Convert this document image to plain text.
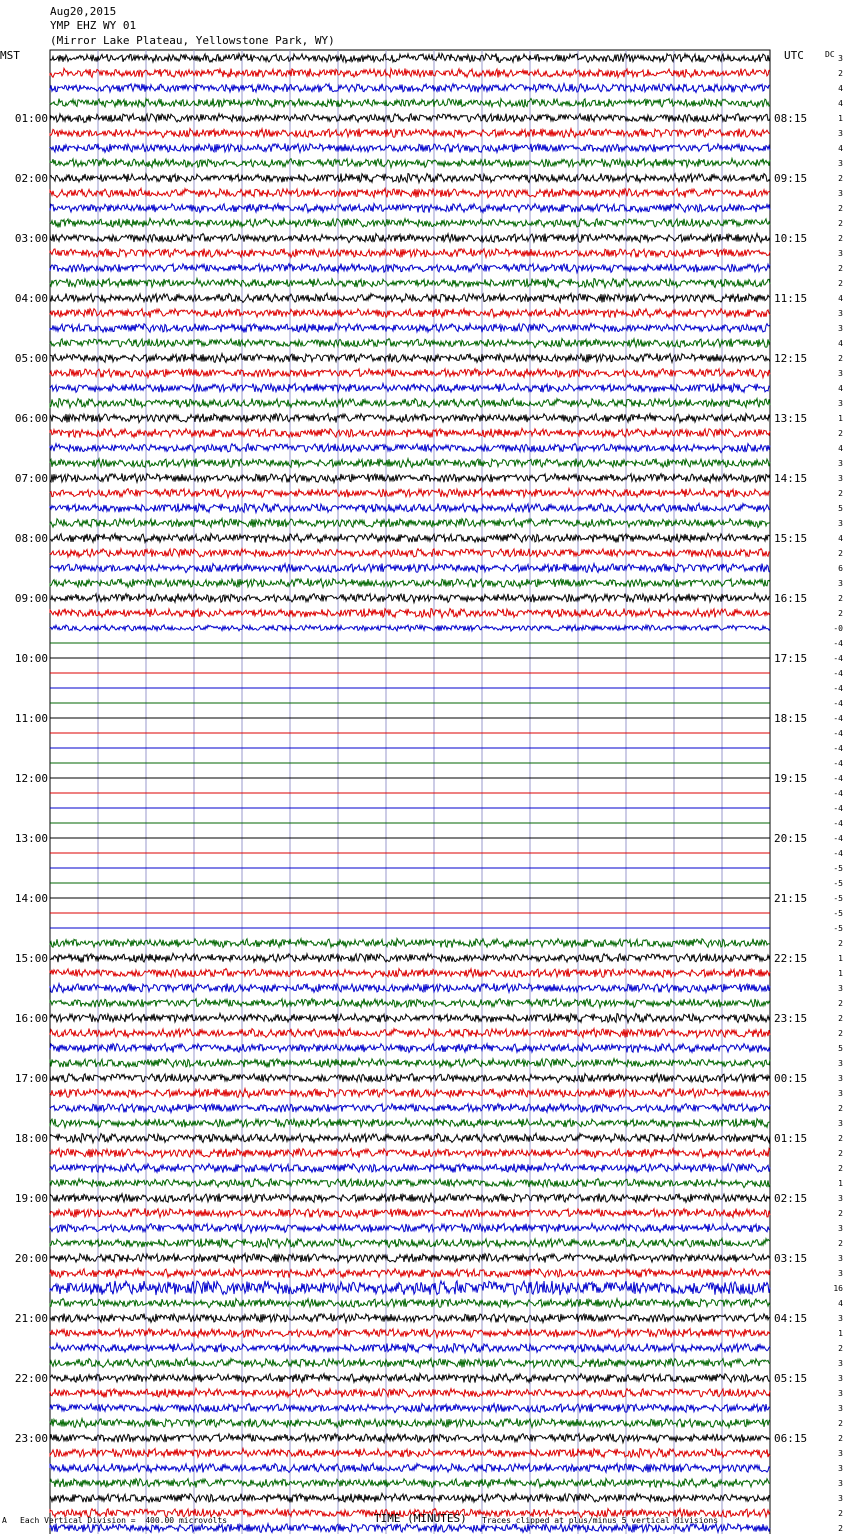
Aug20,2015
YMP EHZ WY 01
(Mirror Lake Plateau, Yellowstone Park, WY)
MST	UTC	DC 3
2
4
4
1
3
4
3
2
3
2
2
2
3
2
2
4
3
3
4
2
3
4
3
1
2
4
3
3
2
5
3
4
2
6
3
2
2
-0
-4
-4
-4
-4
-4
-4
-4
-4
-4
-4
-4
-4
-4
-4
-4
-5
-5
-5
-5
-5
2
1
1
3
2
2
2
5
3
3
3
2
3
2
2
2
1
3
2
3
2
3
3
16
4
3
1
2
3
3
3
3
2
2
3
3
3
3
2
2
01:00
02:00
03:00
04:00
05:00
06:00
07:00
08:00
09:00
10:00
11:00
12:00
13:00
14:00
15:00
16:00
17:00
18:00
19:00
20:00
21:00
22:00
23:00
08:15
09:15
10:15
11:15
12:15
13:15
14:15
15:15
16:15
17:15
18:15
19:15
20:15
21:15
22:15
23:15
00:15
01:15
02:15
03:15
04:15
05:15
06:15
A Each Vertical Division =  400.00 microvolts	TIME (MINUTES) Traces clipped at plus/minus 5 vertical divisions
